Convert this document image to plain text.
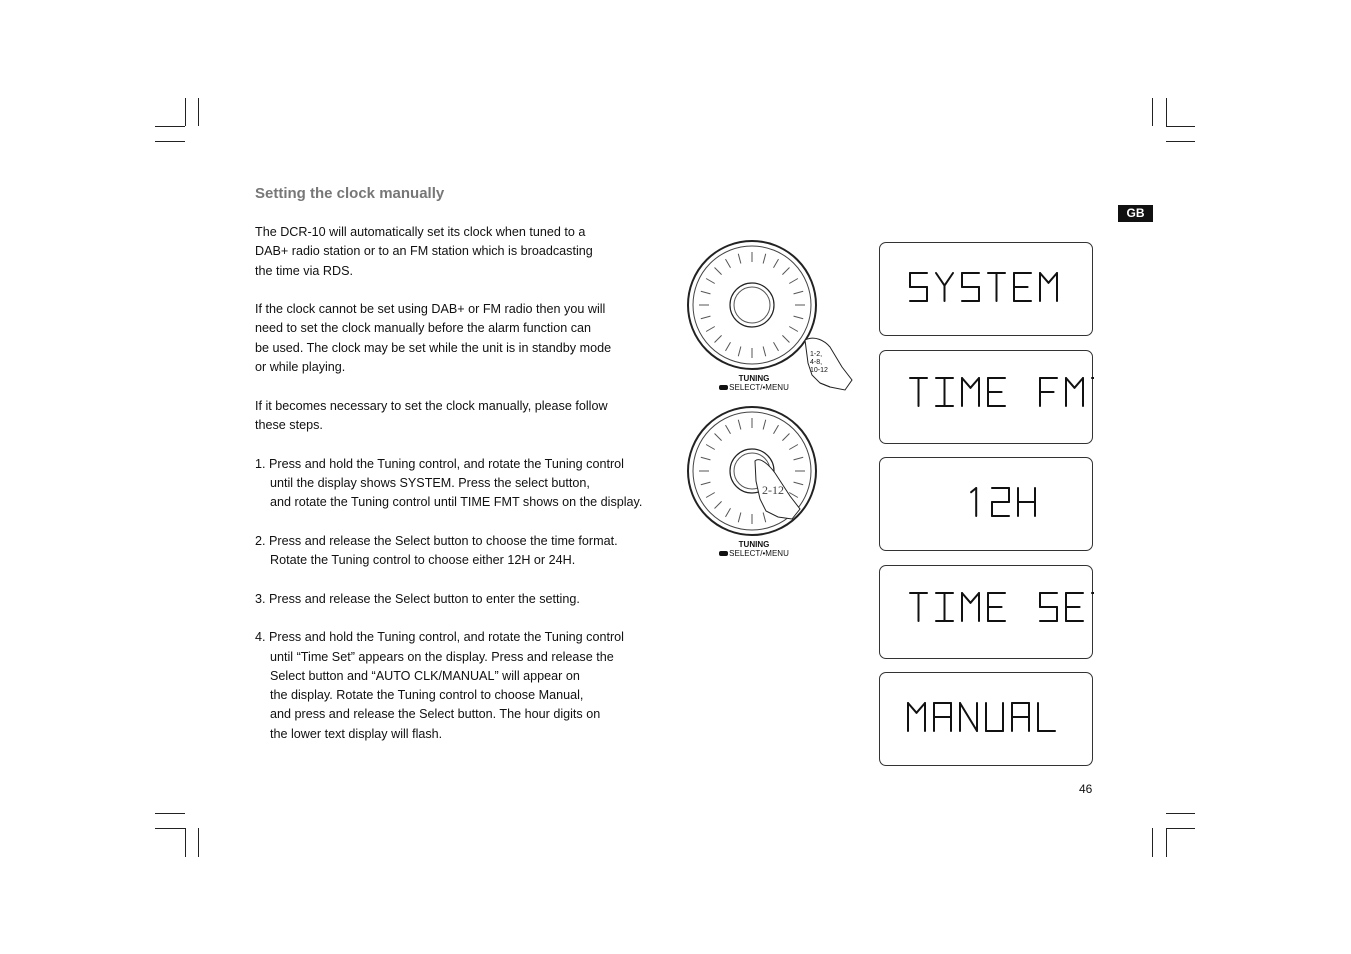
Setting the clock manually
GB
46

The DCR-10 will automatically set its clock when tuned to a
DAB+ radio station or to an FM station which is broadcasting
the time via RDS.

If the clock cannot be set using DAB+ or FM radio then you will
need to set the clock manually before the alarm function can
be used. The clock may be set while the unit is in standby mode
or while playing.

If it becomes necessary to set the clock manually, please follow
these steps.

1. Press and hold the Tuning control, and rotate the Tuning control
until the display shows SYSTEM. Press the select button,
and rotate the Tuning control until TIME FMT shows on the display.
2. Press and release the Select button to choose the time format.
Rotate the Tuning control to choose either 12H or 24H.
3. Press and release the Select button to enter the setting.
4. Press and hold the Tuning control, and rotate the Tuning control
until “Time Set” appears on the display. Press and release the
Select button and “AUTO CLK/MANUAL” will appear on
the display. Rotate the Tuning control to choose Manual,
and press and release the Select button. The hour digits on
the lower text display will flash.
1-2,
4-8,
10-12
TUNING
SELECT/•MENU
2-12
TUNING
SELECT/•MENU
